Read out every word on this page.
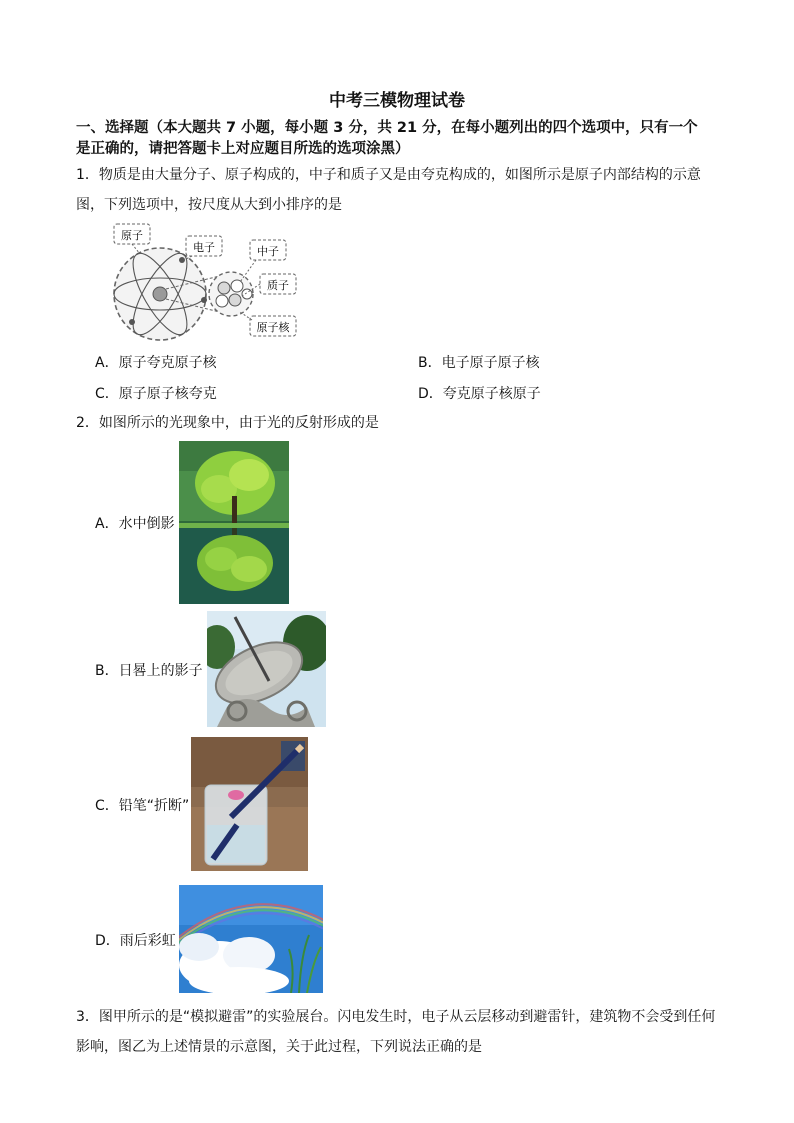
中考三模物理试卷
一、选择题（本大题共 7 小题，每小题 3 分，共 21 分，在每小题列出的四个选项中，只有一个
是正确的，请把答题卡上对应题目所选的选项涂黑）
1．物质是由大量分子、原子构成的，中子和质子又是由夸克构成的，如图所示是原子内部结构的示意
图，下列选项中，按尺度从大到小排序的是
原子
电子	中子
质子
原子核
A．原子夸克原子核	B．电子原子原子核
C．原子原子核夸克	D．夸克原子核原子
2．如图所示的光现象中，由于光的反射形成的是
A．水中倒影
B．日晷上的影子
C．铅笔“折断”
D．雨后彩虹
3．图甲所示的是“模拟避雷”的实验展台。闪电发生时，电子从云层移动到避雷针，建筑物不会受到任何
影响，图乙为上述情景的示意图，关于此过程，下列说法正确的是
